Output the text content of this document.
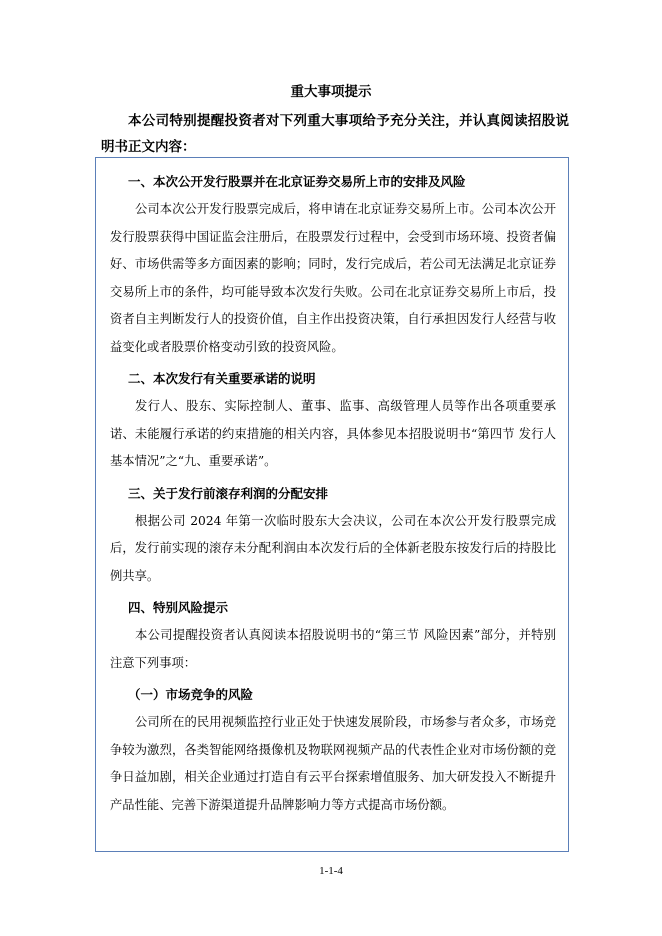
重大事项提示

本公司特别提醒投资者对下列重大事项给予充分关注，并认真阅读招股说明书正文内容：

一、本次公开发行股票并在北京证券交易所上市的安排及风险

公司本次公开发行股票完成后，将申请在北京证券交易所上市。公司本次公开发行股票获得中国证监会注册后，在股票发行过程中，会受到市场环境、投资者偏好、市场供需等多方面因素的影响；同时，发行完成后，若公司无法满足北京证券交易所上市的条件，均可能导致本次发行失败。公司在北京证券交易所上市后，投资者自主判断发行人的投资价值，自主作出投资决策，自行承担因发行人经营与收益变化或者股票价格变动引致的投资风险。

二、本次发行有关重要承诺的说明

发行人、股东、实际控制人、董事、监事、高级管理人员等作出各项重要承诺、未能履行承诺的约束措施的相关内容，具体参见本招股说明书“第四节 发行人基本情况”之“九、重要承诺”。

三、关于发行前滚存利润的分配安排

根据公司 2024 年第一次临时股东大会决议，公司在本次公开发行股票完成后，发行前实现的滚存未分配利润由本次发行后的全体新老股东按发行后的持股比例共享。

四、特别风险提示

本公司提醒投资者认真阅读本招股说明书的“第三节 风险因素”部分，并特别注意下列事项：

（一）市场竞争的风险

公司所在的民用视频监控行业正处于快速发展阶段，市场参与者众多，市场竞争较为激烈，各类智能网络摄像机及物联网视频产品的代表性企业对市场份额的竞争日益加剧，相关企业通过打造自有云平台探索增值服务、加大研发投入不断提升产品性能、完善下游渠道提升品牌影响力等方式提高市场份额。

1-1-4
